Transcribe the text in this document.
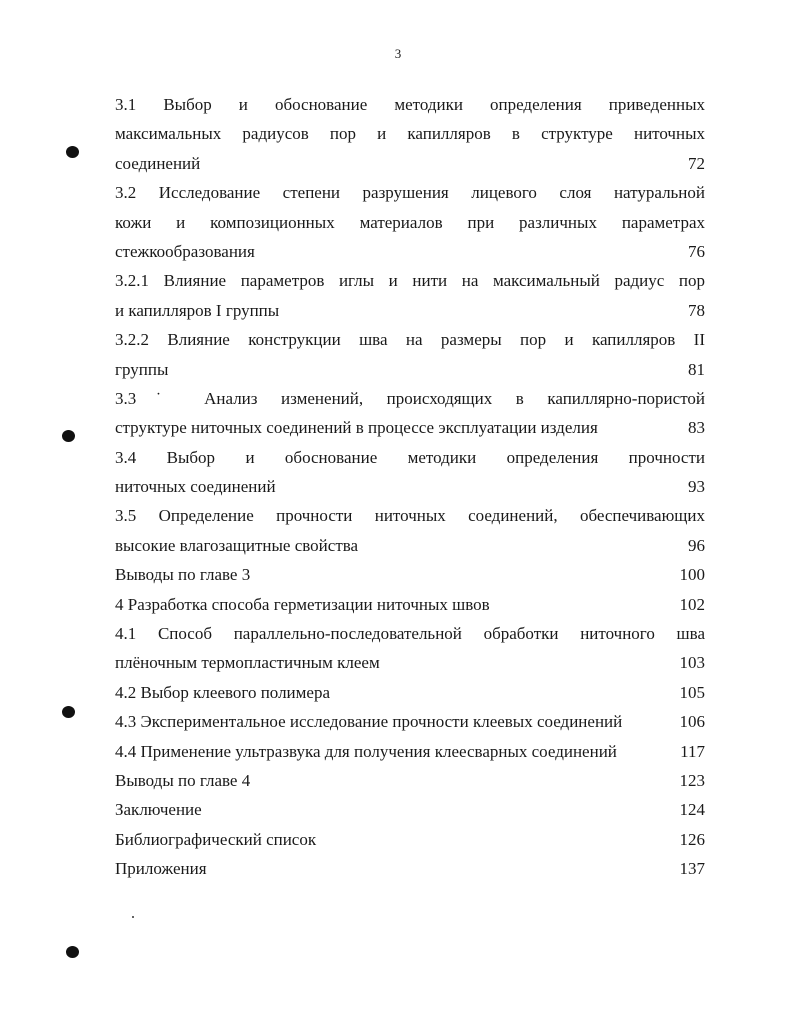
3
3.1 Выбор и обоснование методики определения приведенных
максимальных радиусов пор и капилляров в структуре ниточных
соединений	72
3.2 Исследование степени разрушения лицевого слоя натуральной
кожи и композиционных материалов при различных параметрах
стежкообразования	76
3.2.1 Влияние параметров иглы и нити на максимальный радиус пор
и капилляров I группы	78
3.2.2 Влияние конструкции шва на размеры пор и капилляров II
группы	81
3.3˙ Анализ изменений, происходящих в капиллярно-пористой
структуре ниточных соединений в процессе эксплуатации изделия	83
3.4 Выбор и обоснование методики определения прочности
ниточных соединений	93
3.5 Определение прочности ниточных соединений, обеспечивающих
высокие влагозащитные свойства	96
Выводы по главе 3	100
4 Разработка способа герметизации ниточных швов	102
4.1 Способ параллельно-последовательной обработки ниточного шва
плёночным термопластичным клеем	103
4.2 Выбор клеевого полимера	105
4.3 Экспериментальное исследование прочности клеевых соединений	106
4.4 Применение ультразвука для получения клеесварных соединений	117
Выводы по главе 4	123
Заключение	124
Библиографический список	126
Приложения	137
